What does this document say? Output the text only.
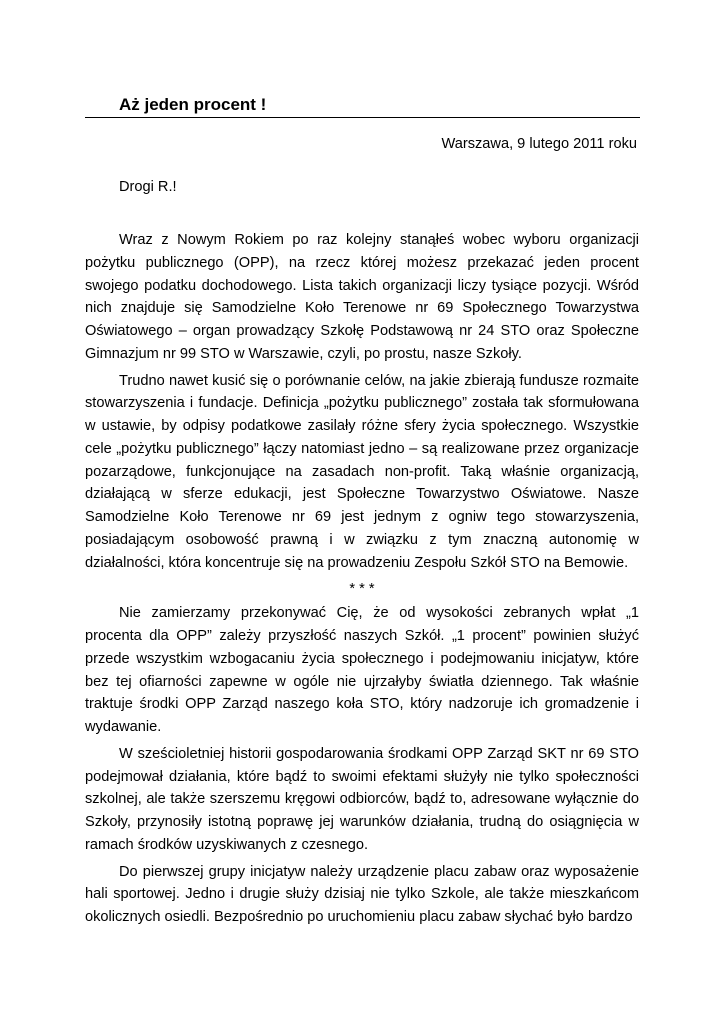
Aż jeden procent !
Warszawa, 9 lutego 2011 roku
Drogi R.!

Wraz z Nowym Rokiem po raz kolejny stanąłeś wobec wyboru organizacji pożytku publicznego (OPP), na rzecz której możesz przekazać jeden procent swojego podatku dochodowego. Lista takich organizacji liczy tysiące pozycji. Wśród nich znajduje się Samodzielne Koło Terenowe nr 69 Społecznego Towarzystwa Oświatowego – organ prowadzący Szkołę Podstawową nr 24 STO oraz Społeczne Gimnazjum nr 99 STO w Warszawie, czyli, po prostu, nasze Szkoły.

Trudno nawet kusić się o porównanie celów, na jakie zbierają fundusze rozmaite stowarzyszenia i fundacje. Definicja „pożytku publicznego” została tak sformułowana w ustawie, by odpisy podatkowe zasilały różne sfery życia społecznego. Wszystkie cele „pożytku publicznego” łączy natomiast jedno – są realizowane przez organizacje pozarządowe, funkcjonujące na zasadach non-profit. Taką właśnie organizacją, działającą w sferze edukacji, jest Społeczne Towarzystwo Oświatowe. Nasze Samodzielne Koło Terenowe nr 69 jest jednym z ogniw tego stowarzyszenia, posiadającym osobowość prawną i w związku z tym znaczną autonomię w działalności, która koncentruje się na prowadzeniu Zespołu Szkół STO na Bemowie.

* * *

Nie zamierzamy przekonywać Cię, że od wysokości zebranych wpłat „1 procenta dla OPP” zależy przyszłość naszych Szkół. „1 procent” powinien służyć przede wszystkim wzbogacaniu życia społecznego i podejmowaniu inicjatyw, które bez tej ofiarności zapewne w ogóle nie ujrzałyby światła dziennego. Tak właśnie traktuje środki OPP Zarząd naszego koła STO, który nadzoruje ich gromadzenie i wydawanie.

W sześcioletniej historii gospodarowania środkami OPP Zarząd SKT nr 69 STO podejmował działania, które bądź to swoimi efektami służyły nie tylko społeczności szkolnej, ale także szerszemu kręgowi odbiorców, bądź to, adresowane wyłącznie do Szkoły, przynosiły istotną poprawę jej warunków działania, trudną do osiągnięcia w ramach środków uzyskiwanych z czesnego.

Do pierwszej grupy inicjatyw należy urządzenie placu zabaw oraz wyposażenie hali sportowej. Jedno i drugie służy dzisiaj nie tylko Szkole, ale także mieszkańcom okolicznych osiedli. Bezpośrednio po uruchomieniu placu zabaw słychać było bardzo
